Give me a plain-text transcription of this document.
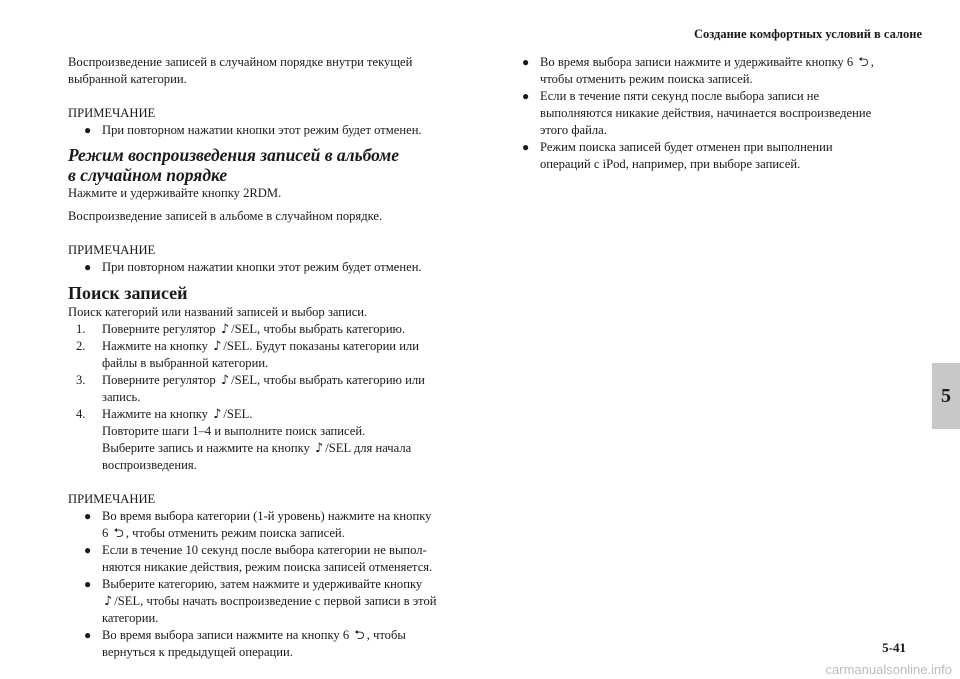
Создание комфортных условий в салоне
5
5-41
carmanualsonline.info

Воспроизведение записей в случайном порядке внутри текущей

выбранной категории.

ПРИМЕЧАНИЕ

● При повторном нажатии кнопки этот режим будет отменен.
Режим воспроизведения записей в альбоме
в случайном порядке

Нажмите и удерживайте кнопку 2RDM.

Воспроизведение записей в альбоме в случайном порядке.

ПРИМЕЧАНИЕ

● При повторном нажатии кнопки этот режим будет отменен.
Поиск записей

Поиск категорий или названий записей и выбор записи.

1.	Поверните регулятор ♪ /SEL, чтобы выбрать категорию.
2.	Нажмите на кнопку ♪ /SEL. Будут показаны категории или

файлы в выбранной категории.

3.	Поверните регулятор ♪ /SEL, чтобы выбрать категорию или

запись.

4.	Нажмите на кнопку ♪ /SEL.

Повторите шаги 1–4 и выполните поиск записей.

Выберите запись и нажмите на кнопку ♪ /SEL для начала

воспроизведения.

ПРИМЕЧАНИЕ

● Во время выбора категории (1-й уровень) нажмите на кнопку

6 ⮌ , чтобы отменить режим поиска записей.

● Если в течение 10 секунд после выбора категории не выпол-

няются никакие действия, режим поиска записей отменяется.

● Выберите категорию, затем нажмите и удерживайте кнопку

♪ /SEL, чтобы начать воспроизведение с первой записи в этой

категории.

● Во время выбора записи нажмите на кнопку 6 ⮌ , чтобы

вернуться к предыдущей операции.

● Во время выбора записи нажмите и удерживайте кнопку 6 ⮌ ,

чтобы отменить режим поиска записей.

● Если в течение пяти секунд после выбора записи не

выполняются никакие действия, начинается воспроизведение

этого файла.

● Режим поиска записей будет отменен при выполнении

операций с iPod, например, при выборе записей.
